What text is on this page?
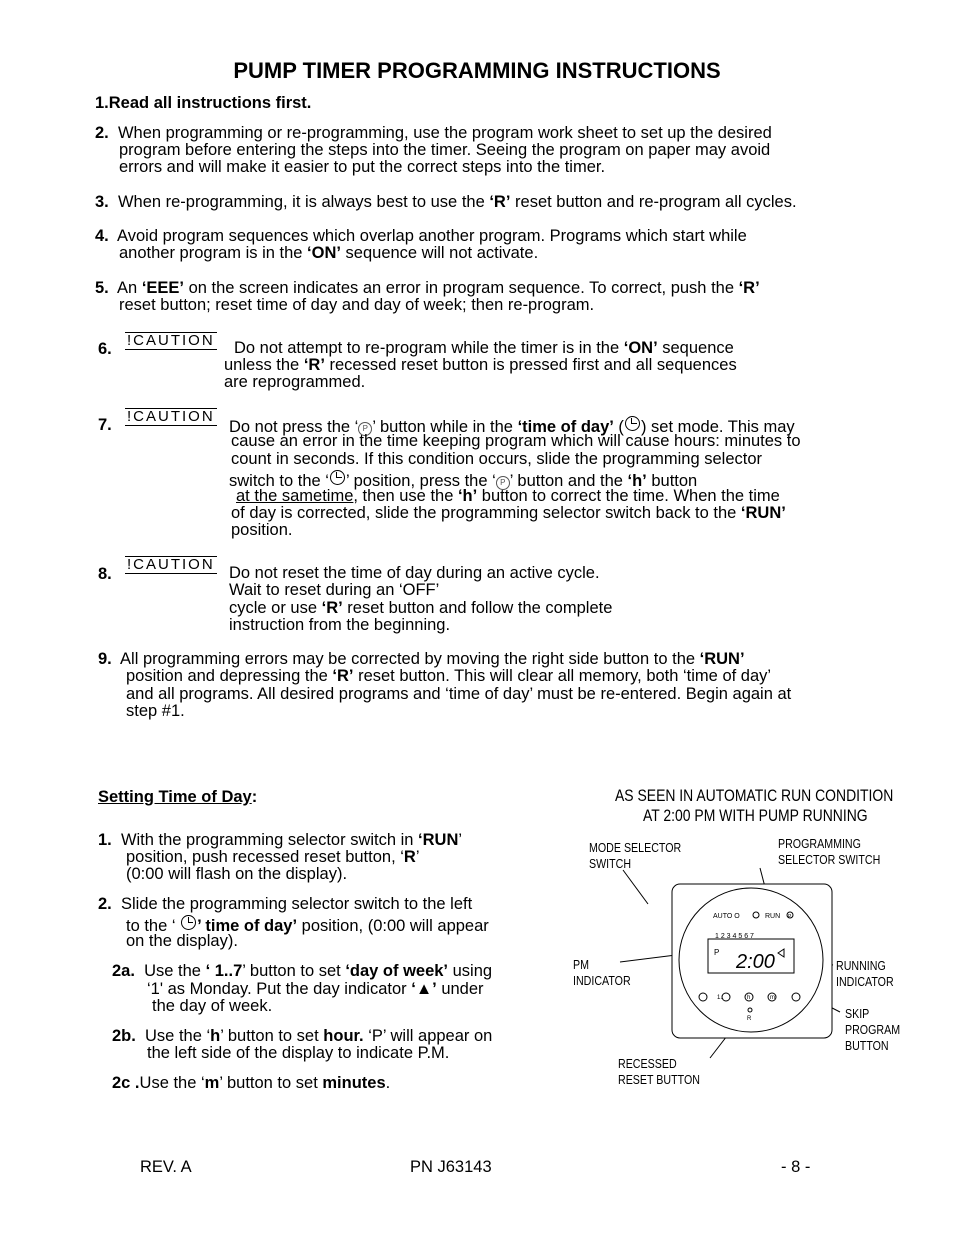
PUMP TIMER PROGRAMMING INSTRUCTIONS
1.Read all instructions first.
2. When programming or re-programming, use the program work sheet to set up the desired
program before entering the steps into the timer. Seeing the program on paper may avoid
errors and will make it easier to put the correct steps into the timer.
3. When re-programming, it is always best to use the ‘R’ reset button and re-program all cycles.
4. Avoid program sequences which overlap another program. Programs which start while
another program is in the ‘ON’ sequence will not activate.
5. An ‘EEE’ on the screen indicates an error in program sequence. To correct, push the ‘R’
reset button; reset time of day and day of week; then re-program.
6. !CAUTION Do not attempt to re-program while the timer is in the ‘ON’ sequence
unless the ‘R’ recessed reset button is pressed first and all sequences
are reprogrammed.
7. !CAUTION
Do not press the ‘ P ’ button while in the ‘time of day’ ( ) set mode. This may
cause an error in the time keeping program which will cause hours: minutes to
count in seconds. If this condition occurs, slide the programming selector
switch to the ‘ ’ position, press the ‘ P ’ button and the ‘h’ button
at the sametime, then use the ‘h’ button to correct the time. When the time
of day is corrected, slide the programming selector switch back to the ‘RUN’
position.
8.
!CAUTION Do not reset the time of day during an active cycle.
Wait to reset during an ‘OFF’
cycle or use ‘R’ reset button and follow the complete
instruction from the beginning.
9. All programming errors may be corrected by moving the right side button to the ‘RUN’
position and depressing the ‘R’ reset button. This will clear all memory, both ‘time of day’
and all programs. All desired programs and ‘time of day’ must be re-entered. Begin again at
step #1.
Setting Time of Day:
1. With the programming selector switch in ‘RUN’
position, push recessed reset button, ‘R’
(0:00 will flash on the display).
2. Slide the programming selector switch to the left
to the ‘ ’ time of day’ position, (0:00 will appear
on the display).
2a. Use the ‘ 1..7’ button to set ‘day of week’ using
‘1' as Monday. Put the day indicator ‘▲’ under
the day of week.
2b. Use the ‘h’ button to set hour. ‘P’ will appear on
the left side of the display to indicate P.M.
2c .Use the ‘m’ button to set minutes.
AS SEEN IN AUTOMATIC RUN CONDITION
AT 2:00 PM WITH PUMP RUNNING
MODE SELECTOR
SWITCH
PROGRAMMING
SELECTOR SWITCH
PM
INDICATOR
RUNNING
INDICATOR
SKIP
PROGRAM
BUTTON
RECESSED
RESET BUTTON
AUTO O	RUN P
1 2 3 4 5 6 7
P 2:00
1..	h	m
R
REV. A	PN J63143	- 8 -
